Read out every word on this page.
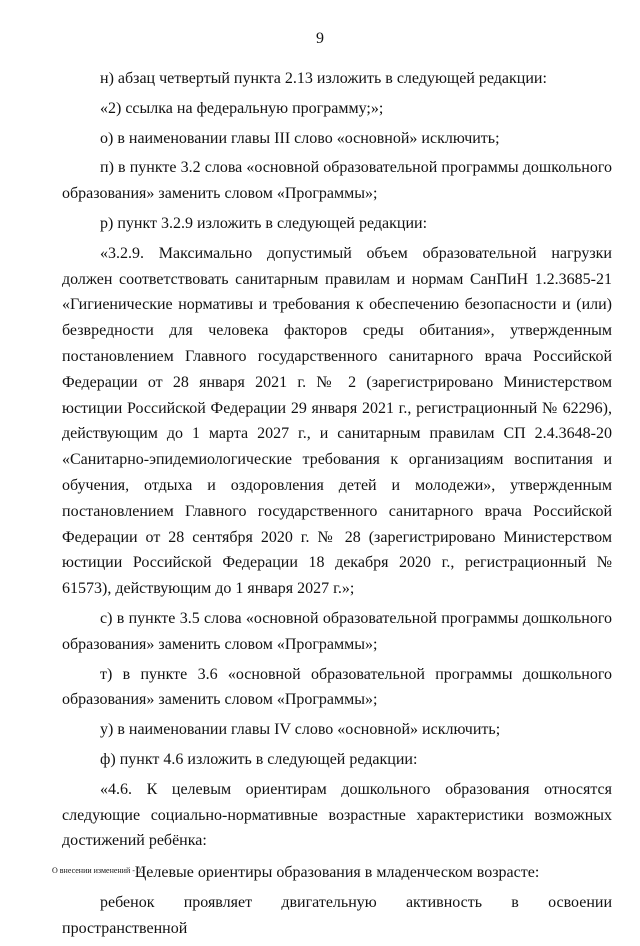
9

н) абзац четвертый пункта 2.13 изложить в следующей редакции:

«2) ссылка на федеральную программу;»;

о) в наименовании главы III слово «основной» исключить;

п) в пункте 3.2 слова «основной образовательной программы дошкольного образования» заменить словом «Программы»;

р) пункт 3.2.9 изложить в следующей редакции:

«3.2.9. Максимально допустимый объем образовательной нагрузки должен соответствовать санитарным правилам и нормам СанПиН 1.2.3685-21 «Гигиенические нормативы и требования к обеспечению безопасности и (или) безвредности для человека факторов среды обитания», утвержденным постановлением Главного государственного санитарного врача Российской Федерации от 28 января 2021 г. № 2 (зарегистрировано Министерством юстиции Российской Федерации 29 января 2021 г., регистрационный № 62296), действующим до 1 марта 2027 г., и санитарным правилам СП 2.4.3648-20 «Санитарно-эпидемиологические требования к организациям воспитания и обучения, отдыха и оздоровления детей и молодежи», утвержденным постановлением Главного государственного санитарного врача Российской Федерации от 28 сентября 2020 г. № 28 (зарегистрировано Министерством юстиции Российской Федерации 18 декабря 2020 г., регистрационный № 61573), действующим до 1 января 2027 г.»;

с) в пункте 3.5 слова «основной образовательной программы дошкольного образования» заменить словом «Программы»;

т) в пункте 3.6 «основной образовательной программы дошкольного образования» заменить словом «Программы»;

у) в наименовании главы IV слово «основной» исключить;

ф) пункт 4.6 изложить в следующей редакции:

«4.6. К целевым ориентирам дошкольного образования относятся следующие социально-нормативные возрастные характеристики возможных достижений ребёнка:

Целевые ориентиры образования в младенческом возрасте:

ребенок проявляет двигательную активность в освоении пространственной

О внесении изменений - 03
